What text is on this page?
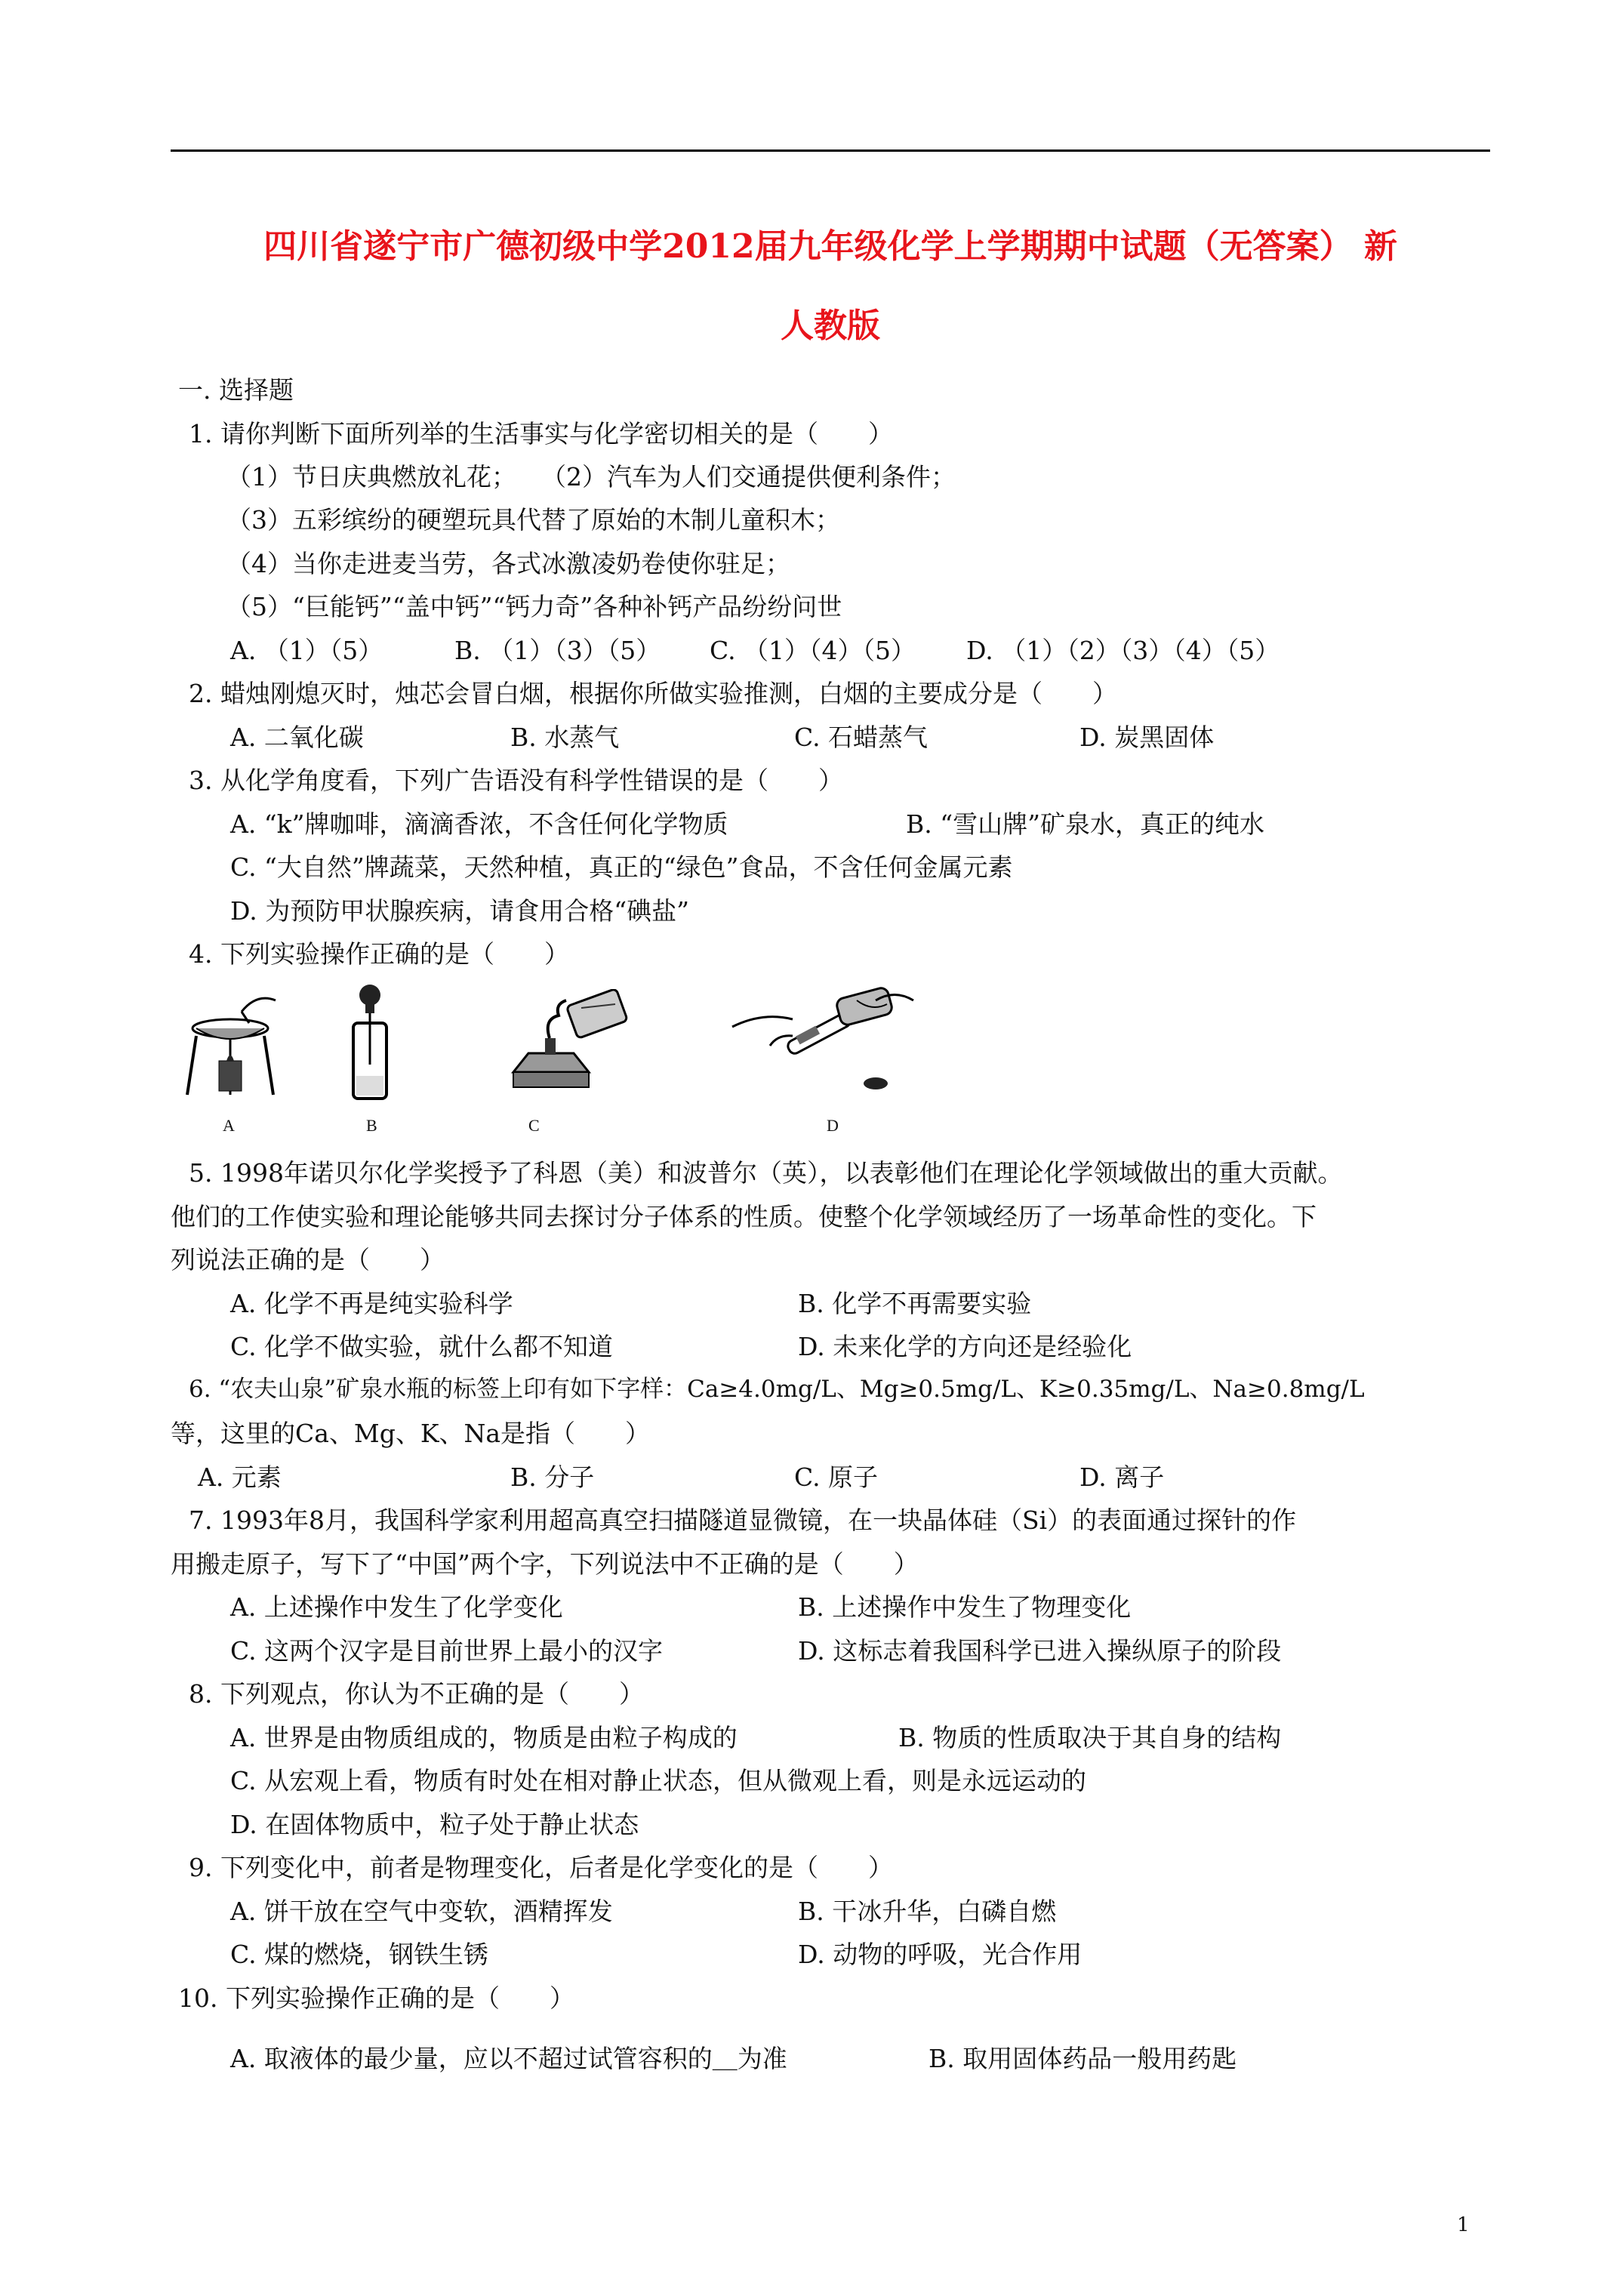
四川省遂宁市广德初级中学2012届九年级化学上学期期中试题（无答案） 新
人教版
一. 选择题
1. 请你判断下面所列举的生活事实与化学密切相关的是（　　）
（1）节日庆典燃放礼花；　　（2）汽车为人们交通提供便利条件；
（3）五彩缤纷的硬塑玩具代替了原始的木制儿童积木；
（4）当你走进麦当劳，各式冰激凌奶卷使你驻足；
（5）“巨能钙”“盖中钙”“钙力奇”各种补钙产品纷纷问世
A. （1）（5）	B. （1）（3）（5） C. （1）（4）（5） D. （1）（2）（3）（4）（5）
2. 蜡烛刚熄灭时，烛芯会冒白烟，根据你所做实验推测，白烟的主要成分是（　　）
A. 二氧化碳	B. 水蒸气	C. 石蜡蒸气	D. 炭黑固体
3. 从化学角度看，下列广告语没有科学性错误的是（　　）
A. “k”牌咖啡，滴滴香浓，不含任何化学物质	B. “雪山牌”矿泉水，真正的纯水
C. “大自然”牌蔬菜，天然种植，真正的“绿色”食品，不含任何金属元素
D. 为预防甲状腺疾病，请食用合格“碘盐”
4. 下列实验操作正确的是（　　）
A	B	C	D
5. 1998年诺贝尔化学奖授予了科恩（美）和波普尔（英），以表彰他们在理论化学领域做出的重大贡献。
他们的工作使实验和理论能够共同去探讨分子体系的性质。使整个化学领域经历了一场革命性的变化。下
列说法正确的是（　　）
A. 化学不再是纯实验科学	B. 化学不再需要实验
C. 化学不做实验，就什么都不知道	D. 未来化学的方向还是经验化
6. “农夫山泉”矿泉水瓶的标签上印有如下字样：Ca≥4.0mg/L、Mg≥0.5mg/L、K≥0.35mg/L、Na≥0.8mg/L
等，这里的Ca、Mg、K、Na是指（　　）
A. 元素	B. 分子	C. 原子	D. 离子
7. 1993年8月，我国科学家利用超高真空扫描隧道显微镜，在一块晶体硅（Si）的表面通过探针的作
用搬走原子，写下了“中国”两个字，下列说法中不正确的是（　　）
A. 上述操作中发生了化学变化	B. 上述操作中发生了物理变化
C. 这两个汉字是目前世界上最小的汉字	D. 这标志着我国科学已进入操纵原子的阶段
8. 下列观点，你认为不正确的是（　　）
A. 世界是由物质组成的，物质是由粒子构成的	B. 物质的性质取决于其自身的结构
C. 从宏观上看，物质有时处在相对静止状态，但从微观上看，则是永远运动的
D. 在固体物质中，粒子处于静止状态
9. 下列变化中，前者是物理变化，后者是化学变化的是（　　）
A. 饼干放在空气中变软，酒精挥发	B. 干冰升华，白磷自燃
C. 煤的燃烧，钢铁生锈	D. 动物的呼吸，光合作用
10. 下列实验操作正确的是（　　）
A. 取液体的最少量，应以不超过试管容积的＿为准	B. 取用固体药品一般用药匙
1
